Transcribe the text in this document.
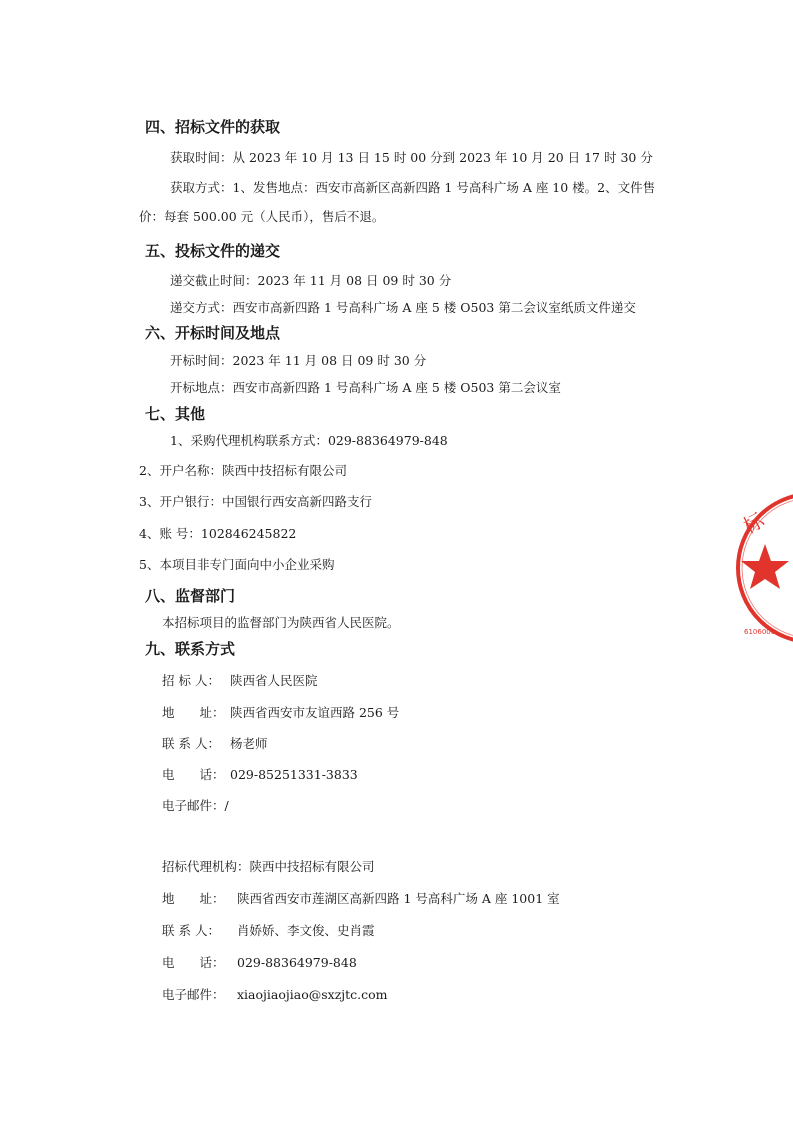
四、招标文件的获取
获取时间：从 2023 年 10 月 13 日 15 时 00 分到 2023 年 10 月 20 日 17 时 30 分
获取方式：1、发售地点：西安市高新区高新四路 1 号高科广场 A 座 10 楼。2、文件售
价：每套 500.00 元（人民币），售后不退。
五、投标文件的递交
递交截止时间：2023 年 11 月 08 日 09 时 30 分
递交方式：西安市高新四路 1 号高科广场 A 座 5 楼 O503 第二会议室纸质文件递交
六、开标时间及地点
开标时间：2023 年 11 月 08 日 09 时 30 分
开标地点：西安市高新四路 1 号高科广场 A 座 5 楼 O503 第二会议室
七、其他
1、采购代理机构联系方式：029-88364979-848
2、开户名称：陕西中技招标有限公司
3、开户银行：中国银行西安高新四路支行
4、账 号：102846245822
5、本项目非专门面向中小企业采购
八、监督部门
本招标项目的监督部门为陕西省人民医院。
九、联系方式
招 标 人： 陕西省人民医院
地　　址： 陕西省西安市友谊西路 256 号
联 系 人： 杨老师
电　　话： 029-85251331-3833
电子邮件：/
招标代理机构：陕西中技招标有限公司
地　　址： 陕西省西安市莲湖区高新四路 1 号高科广场 A 座 1001 室
联 系 人： 肖娇娇、李文俊、史肖霞
电　　话： 029-88364979-848
电子邮件： xiaojiaojiao@sxzjtc.com
标
6106000
